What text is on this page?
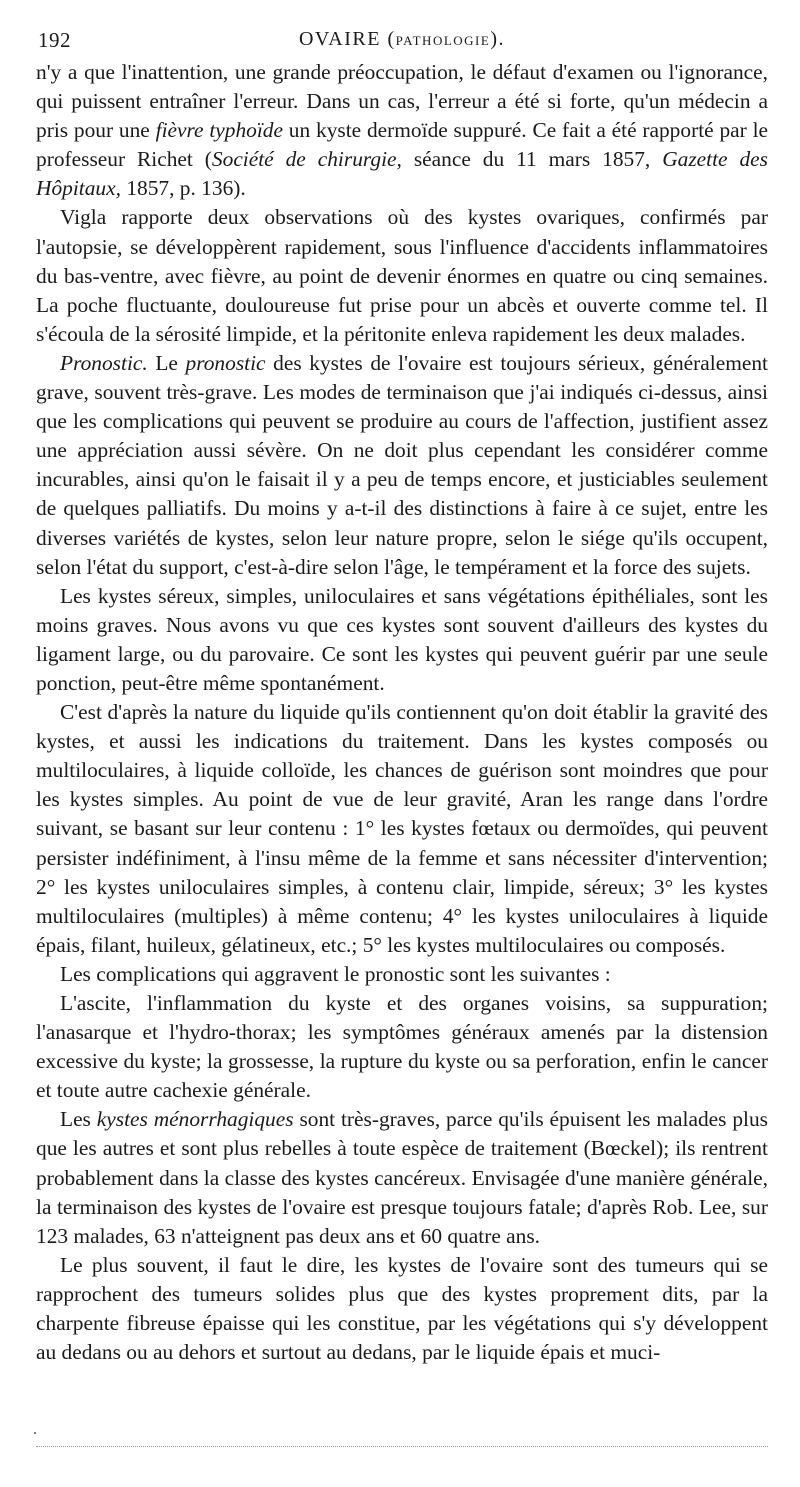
192	OVAIRE (PATHOLOGIE).

n'y a que l'inattention, une grande préoccupation, le défaut d'examen ou l'ignorance, qui puissent entraîner l'erreur. Dans un cas, l'erreur a été si forte, qu'un médecin a pris pour une fièvre typhoïde un kyste dermoïde suppuré. Ce fait a été rapporté par le professeur Richet (Société de chirurgie, séance du 11 mars 1857, Gazette des Hôpitaux, 1857, p. 136).

Vigla rapporte deux observations où des kystes ovariques, confirmés par l'autopsie, se développèrent rapidement, sous l'influence d'accidents inflammatoires du bas-ventre, avec fièvre, au point de devenir énormes en quatre ou cinq semaines. La poche fluctuante, douloureuse fut prise pour un abcès et ouverte comme tel. Il s'écoula de la sérosité limpide, et la péritonite enleva rapidement les deux malades.

Pronostic. Le pronostic des kystes de l'ovaire est toujours sérieux, généralement grave, souvent très-grave. Les modes de terminaison que j'ai indiqués ci-dessus, ainsi que les complications qui peuvent se produire au cours de l'affection, justifient assez une appréciation aussi sévère. On ne doit plus cependant les considérer comme incurables, ainsi qu'on le faisait il y a peu de temps encore, et justiciables seulement de quelques palliatifs. Du moins y a-t-il des distinctions à faire à ce sujet, entre les diverses variétés de kystes, selon leur nature propre, selon le siége qu'ils occupent, selon l'état du support, c'est-à-dire selon l'âge, le tempérament et la force des sujets.

Les kystes séreux, simples, uniloculaires et sans végétations épithéliales, sont les moins graves. Nous avons vu que ces kystes sont souvent d'ailleurs des kystes du ligament large, ou du parovaire. Ce sont les kystes qui peuvent guérir par une seule ponction, peut-être même spontanément.

C'est d'après la nature du liquide qu'ils contiennent qu'on doit établir la gravité des kystes, et aussi les indications du traitement. Dans les kystes composés ou multiloculaires, à liquide colloïde, les chances de guérison sont moindres que pour les kystes simples. Au point de vue de leur gravité, Aran les range dans l'ordre suivant, se basant sur leur contenu : 1° les kystes fœtaux ou dermoïdes, qui peuvent persister indéfiniment, à l'insu même de la femme et sans nécessiter d'intervention; 2° les kystes uniloculaires simples, à contenu clair, limpide, séreux; 3° les kystes multiloculaires (multiples) à même contenu; 4° les kystes uniloculaires à liquide épais, filant, huileux, gélatineux, etc.; 5° les kystes multiloculaires ou composés.

Les complications qui aggravent le pronostic sont les suivantes :

L'ascite, l'inflammation du kyste et des organes voisins, sa suppuration; l'anasarque et l'hydro-thorax; les symptômes généraux amenés par la distension excessive du kyste; la grossesse, la rupture du kyste ou sa perforation, enfin le cancer et toute autre cachexie générale.

Les kystes ménorrhagiques sont très-graves, parce qu'ils épuisent les malades plus que les autres et sont plus rebelles à toute espèce de traitement (Bœckel); ils rentrent probablement dans la classe des kystes cancéreux. Envisagée d'une manière générale, la terminaison des kystes de l'ovaire est presque toujours fatale; d'après Rob. Lee, sur 123 malades, 63 n'atteignent pas deux ans et 60 quatre ans.

Le plus souvent, il faut le dire, les kystes de l'ovaire sont des tumeurs qui se rapprochent des tumeurs solides plus que des kystes proprement dits, par la charpente fibreuse épaisse qui les constitue, par les végétations qui s'y développent au dedans ou au dehors et surtout au dedans, par le liquide épais et muci-
